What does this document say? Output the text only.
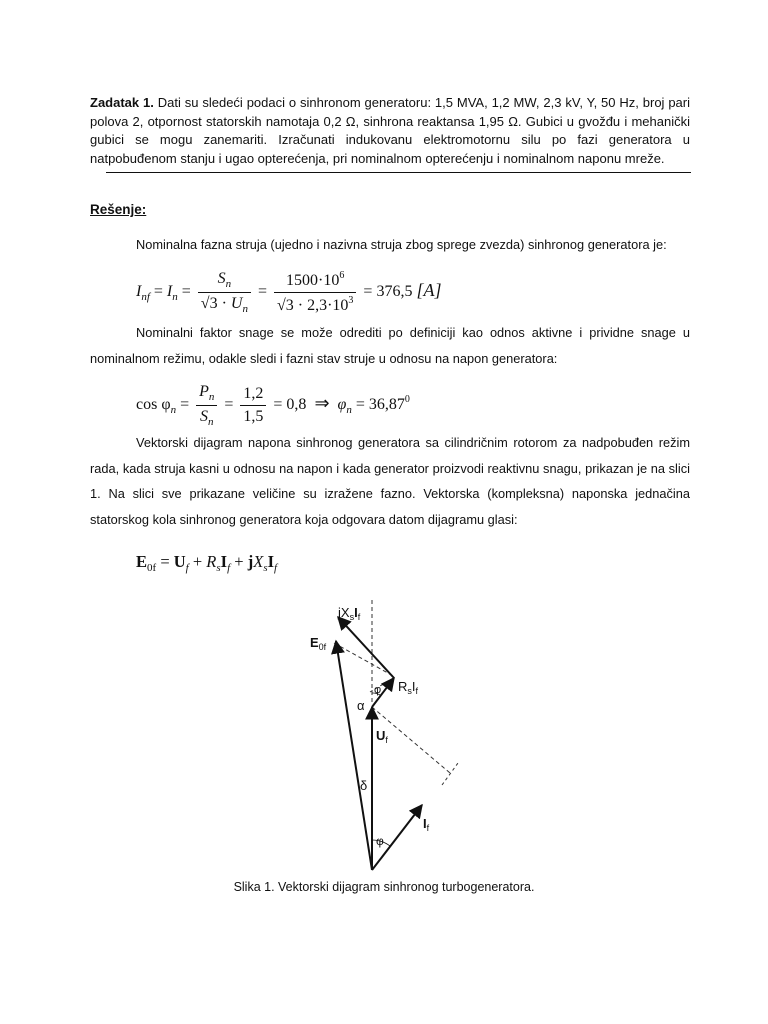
Zadatak 1. Dati su sledeći podaci o sinhronom generatoru: 1,5 MVA, 1,2 MW, 2,3 kV, Y, 50 Hz, broj pari polova 2, otpornost statorskih namotaja 0,2 Ω, sinhrona reaktansa 1,95 Ω. Gubici u gvožđu i mehanički gubici se mogu zanemariti. Izračunati indukovanu elektromotornu silu po fazi generatora u natpobuđenom stanju i ugao opterećenja, pri nominalnom opterećenju i nominalnom naponu mreže.
Rešenje:
Nominalna fazna struja (ujedno i nazivna struja zbog sprege zvezda) sinhronog generatora je:
$I_{nf} = I_n = \frac{S_n}{√3 \cdot U_n} = \frac{1500\cdot 10^6}{√3 \cdot 2,3\cdot 10^3} = 376,5$ [A]
Nominalni faktor snage se može odrediti po definiciji kao odnos aktivne i prividne snage u nominalnom režimu, odakle sledi i fazni stav struje u odnosu na napon generatora:
$\cos \varphi_n = \frac{P_n}{S_n} = \frac{1,2}{1,5} = 0,8$ ⇒ $\varphi_n = 36,87^0$
Vektorski dijagram napona sinhronog generatora sa cilindričnim rotorom za nadpobuđen režim rada, kada struja kasni u odnosu na napon i kada generator proizvodi reaktivnu snagu, prikazan je na slici 1. Na slici sve prikazane veličine su izražene fazno. Vektorska (kompleksna) naponska jednačina statorskog kola sinhronog generatora koja odgovara datom dijagramu glasi:
$E_{0f} = U_f + R_sI_f + jX_sI_f$
$jX_sI_f$
$E_{0f}$
$R_sI_f$
φ
α
$U_f$
δ
φ
$I_f$
Slika 1. Vektorski dijagram sinhronog turbogeneratora.
